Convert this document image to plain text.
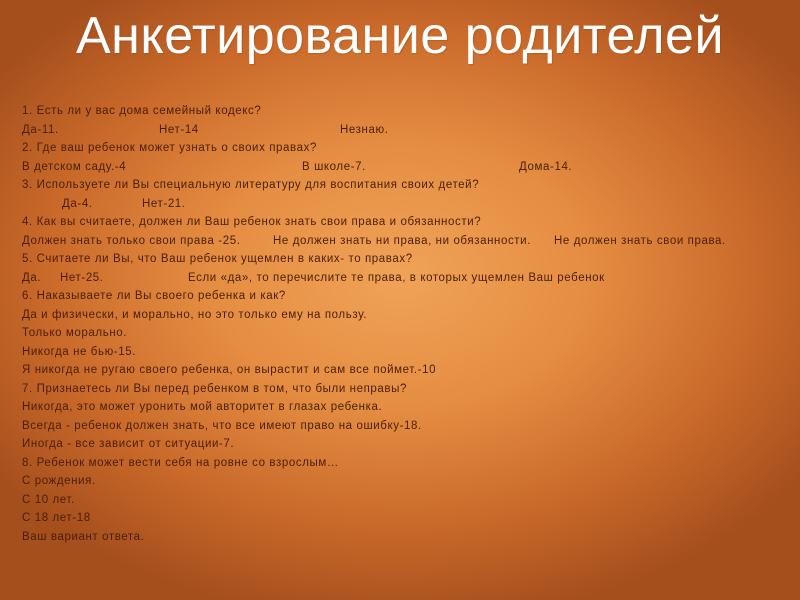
Анкетирование родителей
1. Есть ли у вас дома семейный кодекс?
Да-11.	Нет-14	Незнаю.
2. Где ваш ребенок может узнать о своих правах?
В детском саду.-4	В школе-7.	Дома-14.
3. Используете ли Вы специальную литературу для воспитания своих детей?
Да-4.	Нет-21.
4. Как вы считаете, должен ли Ваш ребенок знать свои права и обязанности?
Должен знать только свои права -25.	Не должен знать ни права, ни обязанности. Не должен знать свои права.
5. Считаете ли Вы, что Ваш ребенок ущемлен в каких- то правах?
Да. Нет-25.	Если «да», то перечислите те права, в которых ущемлен Ваш ребенок
6. Наказываете ли Вы своего ребенка и как?
Да и физически, и морально, но это только ему на пользу.
Только морально.
Никогда не бью-15.
Я никогда не ругаю своего ребенка, он вырастит и сам все поймет.-10
7. Признаетесь ли Вы перед ребенком в том, что были неправы?
Никогда, это может уронить мой авторитет в глазах ребенка.
Всегда - ребенок должен знать, что все имеют право на ошибку-18.
Иногда - все зависит от ситуации-7.
8. Ребенок может вести себя на ровне со взрослым…
С рождения.
С 10 лет.
С 18 лет-18
Ваш вариант ответа.
